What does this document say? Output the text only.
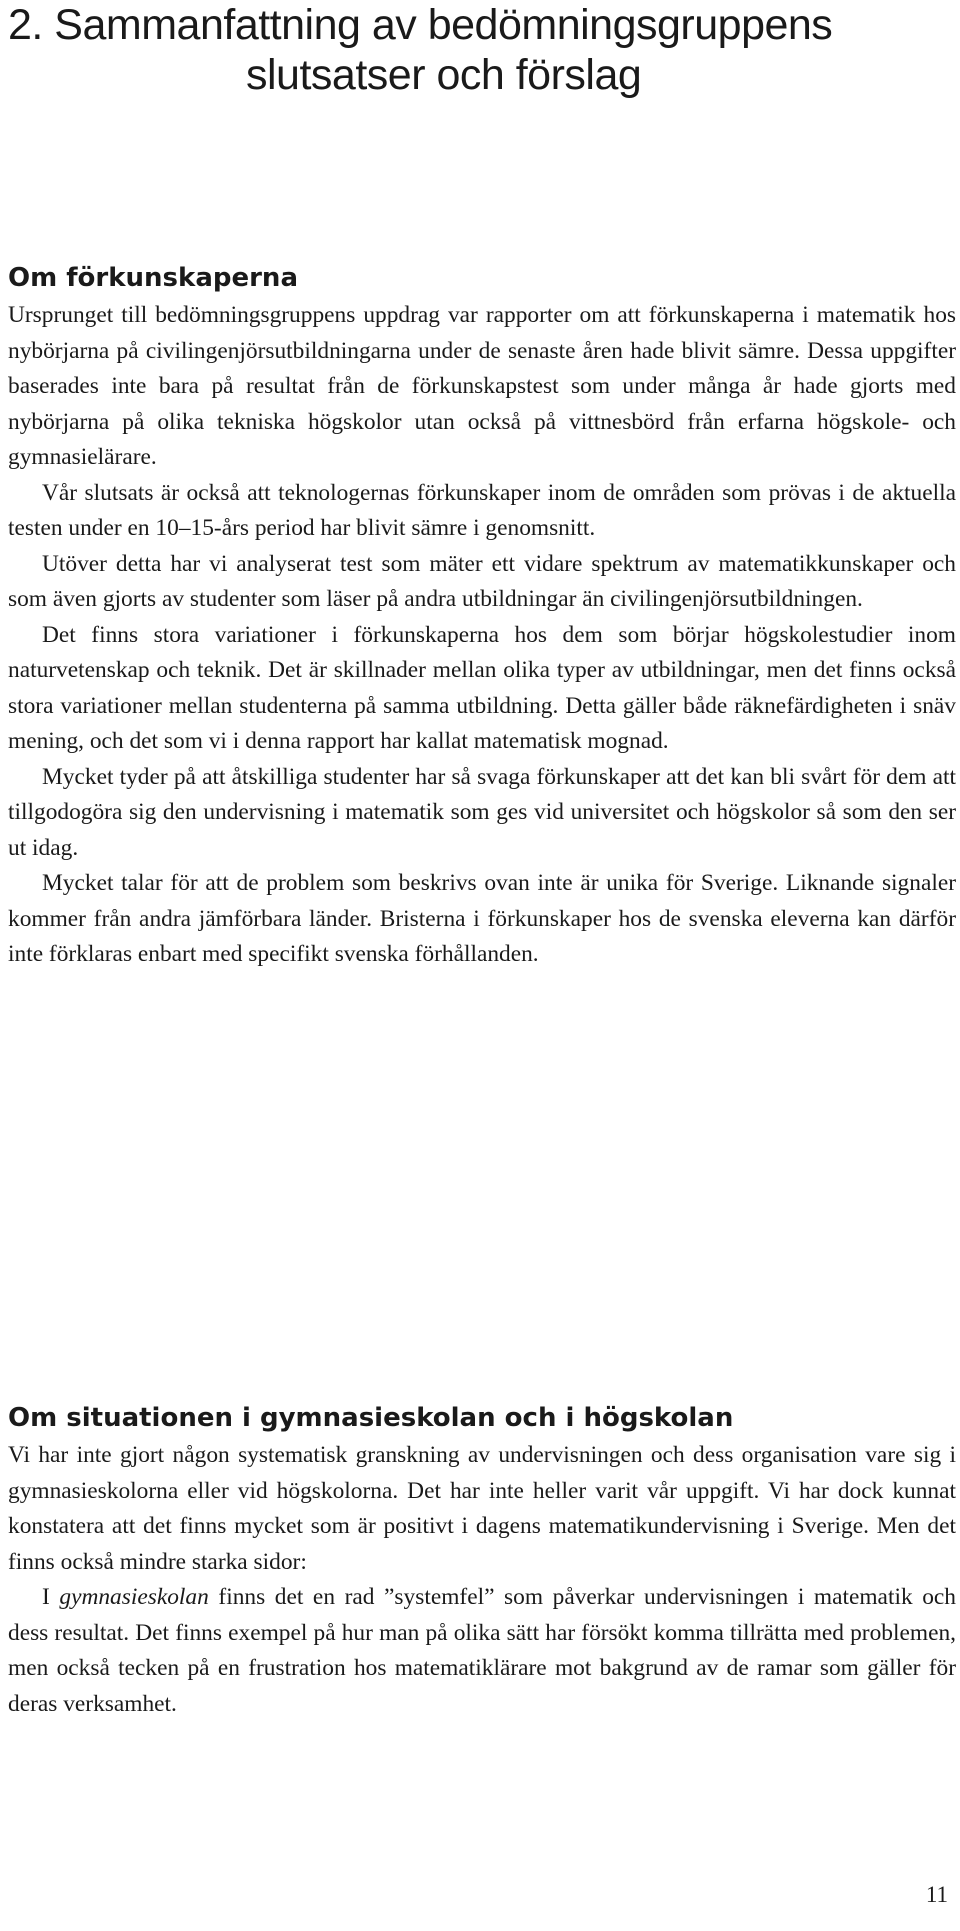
2. Sammanfattning av bedömningsgruppens
slutsatser och förslag
Om förkunskaperna

Ursprunget till bedömningsgruppens uppdrag var rapporter om att förkunskaperna i matematik hos nybörjarna på civilingenjörsutbildningarna under de senaste åren hade blivit sämre. Dessa uppgifter baserades inte bara på resultat från de förkunskapstest som under många år hade gjorts med nybörjarna på olika tekniska högskolor utan också på vittnesbörd från erfarna högskole- och gymnasielärare.

Vår slutsats är också att teknologernas förkunskaper inom de områden som prövas i de aktuella testen under en 10–15-års period har blivit sämre i genomsnitt.

Utöver detta har vi analyserat test som mäter ett vidare spektrum av matematikkunskaper och som även gjorts av studenter som läser på andra utbildningar än civilingenjörsutbildningen.

Det finns stora variationer i förkunskaperna hos dem som börjar högskolestudier inom naturvetenskap och teknik. Det är skillnader mellan olika typer av utbildningar, men det finns också stora variationer mellan studenterna på samma utbildning. Detta gäller både räknefärdigheten i snäv mening, och det som vi i denna rapport har kallat matematisk mognad.

Mycket tyder på att åtskilliga studenter har så svaga förkunskaper att det kan bli svårt för dem att tillgodogöra sig den undervisning i matematik som ges vid universitet och högskolor så som den ser ut idag.

Mycket talar för att de problem som beskrivs ovan inte är unika för Sverige. Liknande signaler kommer från andra jämförbara länder. Bristerna i förkunskaper hos de svenska eleverna kan därför inte förklaras enbart med specifikt svenska förhållanden.

Om situationen i gymnasieskolan och i högskolan

Vi har inte gjort någon systematisk granskning av undervisningen och dess organisation vare sig i gymnasieskolorna eller vid högskolorna. Det har inte heller varit vår uppgift. Vi har dock kunnat konstatera att det finns mycket som är positivt i dagens matematikundervisning i Sverige. Men det finns också mindre starka sidor:

I gymnasieskolan finns det en rad ”systemfel” som påverkar undervisningen i matematik och dess resultat. Det finns exempel på hur man på olika sätt har försökt komma tillrätta med problemen, men också tecken på en frustration hos matematiklärare mot bakgrund av de ramar som gäller för deras verksamhet.

11
